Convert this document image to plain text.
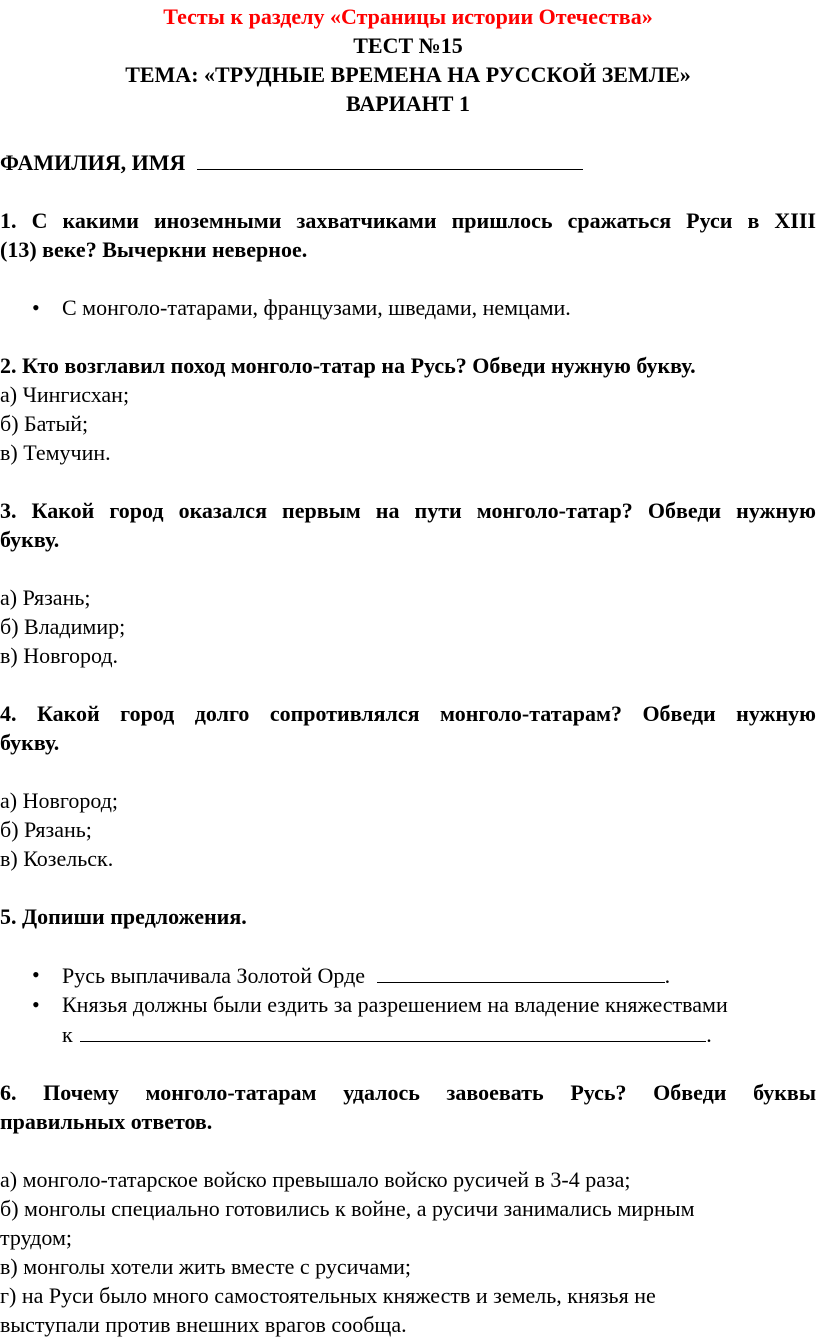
Тесты к разделу «Страницы истории Отечества»
ТЕСТ №15
ТЕМА: «ТРУДНЫЕ ВРЕМЕНА НА РУССКОЙ ЗЕМЛЕ»
ВАРИАНТ 1
ФАМИЛИЯ, ИМЯ
1. С какими иноземными захватчиками пришлось сражаться Руси в XIII
(13) веке? Вычеркни неверное.
• С монголо-татарами, французами, шведами, немцами.
2. Кто возглавил поход монголо-татар на Русь? Обведи нужную букву.
а) Чингисхан;
б) Батый;
в) Темучин.
3. Какой город оказался первым на пути монголо-татар? Обведи нужную
букву.
а) Рязань;
б) Владимир;
в) Новгород.
4. Какой город долго сопротивлялся монголо-татарам? Обведи нужную
букву.
а) Новгород;
б) Рязань;
в) Козельск.
5. Допиши предложения.
• Русь выплачивала Золотой Орде	.
• Князья должны были ездить за разрешением на владение княжествами
к	.
6. Почему монголо-татарам удалось завоевать Русь? Обведи буквы
правильных ответов.
а) монголо-татарское войско превышало войско русичей в 3-4 раза;
б) монголы специально готовились к войне, а русичи занимались мирным
трудом;
в) монголы хотели жить вместе с русичами;
г) на Руси было много самостоятельных княжеств и земель, князья не
выступали против внешних врагов сообща.
